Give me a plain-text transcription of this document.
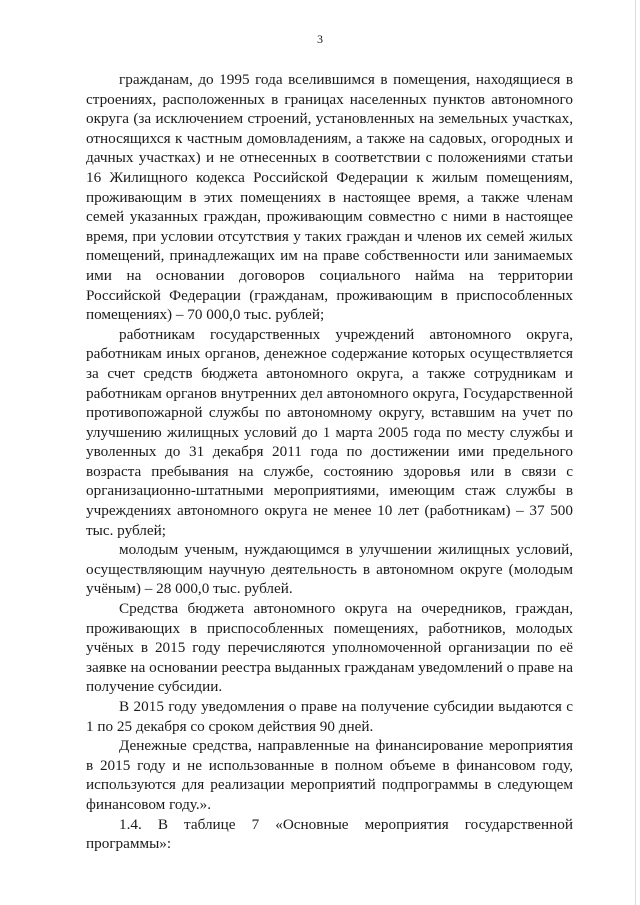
3

гражданам, до 1995 года вселившимся в помещения, находящиеся в строениях, расположенных в границах населенных пунктов автономного округа (за исключением строений, установленных на земельных участках, относящихся к частным домовладениям, а также на садовых, огородных и дачных участках) и не отнесенных в соответствии с положениями статьи 16 Жилищного кодекса Российской Федерации к жилым помещениям, проживающим в этих помещениях в настоящее время, а также членам семей указанных граждан, проживающим совместно с ними в настоящее время, при условии отсутствия у таких граждан и членов их семей жилых помещений, принадлежащих им на праве собственности или занимаемых ими на основании договоров социального найма на территории Российской Федерации (гражданам, проживающим в приспособленных помещениях) – 70 000,0 тыс. рублей;

работникам государственных учреждений автономного округа, работникам иных органов, денежное содержание которых осуществляется за счет средств бюджета автономного округа, а также сотрудникам и работникам органов внутренних дел автономного округа, Государственной противопожарной службы по автономному округу, вставшим на учет по улучшению жилищных условий до 1 марта 2005 года по месту службы и уволенных до 31 декабря 2011 года по достижении ими предельного возраста пребывания на службе, состоянию здоровья или в связи с организационно-штатными мероприятиями, имеющим стаж службы в учреждениях автономного округа не менее 10 лет (работникам) – 37 500 тыс. рублей;

молодым ученым, нуждающимся в улучшении жилищных условий, осуществляющим научную деятельность в автономном округе (молодым учёным) – 28 000,0 тыс. рублей.

Средства бюджета автономного округа на очередников, граждан, проживающих в приспособленных помещениях, работников, молодых учёных в 2015 году перечисляются уполномоченной организации по её заявке на основании реестра выданных гражданам уведомлений о праве на получение субсидии.

В 2015 году уведомления о праве на получение субсидии выдаются с 1 по 25 декабря со сроком действия 90 дней.

Денежные средства, направленные на финансирование мероприятия в 2015 году и не использованные в полном объеме в финансовом году, используются для реализации мероприятий подпрограммы в следующем финансовом году.».

1.4. В таблице 7 «Основные мероприятия государственной программы»:
